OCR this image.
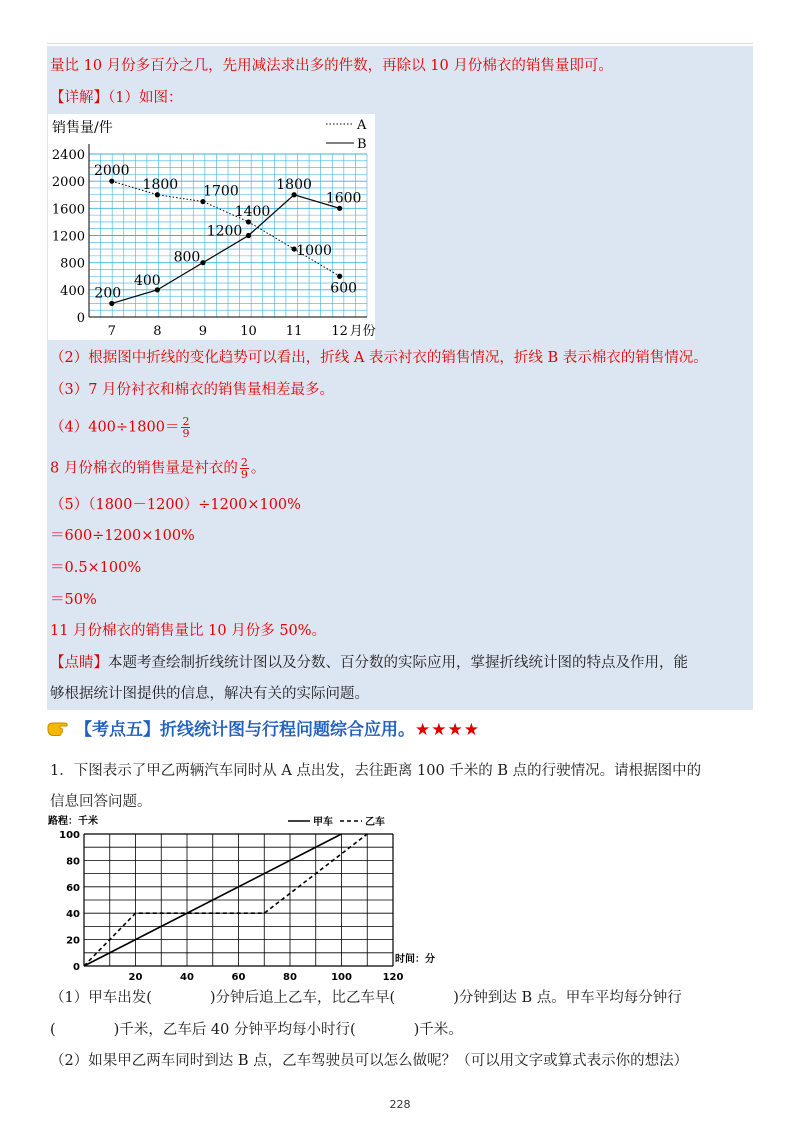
量比 10 月份多百分之几，先用减法求出多的件数，再除以 10 月份棉衣的销售量即可。
【详解】（1）如图：
销售量/件
0
400
800
1200
1600
2000
2400
7	8	9	10 11 12 月份
A
B
2000
1800 1700
1400
1000
600
200
400
800
1200
1800
1600
（2）根据图中折线的变化趋势可以看出，折线 A 表示衬衣的销售情况，折线 B 表示棉衣的销售情况。
（3）7 月份衬衣和棉衣的销售量相差最多。
$(4)400\div 1800= \frac{2}{9}$
8 月份棉衣的销售量是衬衣的 $\frac{2}{9}$ 。
（5）（1800－1200）÷1200×100%
＝600÷1200×100%
＝0.5×100%
＝50%
11 月份棉衣的销售量比 10 月份多 50%。
【点睛】本题考查绘制折线统计图以及分数、百分数的实际应用，掌握折线统计图的特点及作用，能
够根据统计图提供的信息，解决有关的实际问题。
【考点五】折线统计图与行程问题综合应用。★★★★
1．下图表示了甲乙两辆汽车同时从 A 点出发，去往距离 100 千米的 B 点的行驶情况。请根据图中的
信息回答问题。
路程：千米
0
20
40
60
80
100
20	40	60	80	100	120
时间：分
甲车	乙车
（1）甲车出发(　　　　)分钟后追上乙车，比乙车早(　　　　)分钟到达 B 点。甲车平均每分钟行
(　　　　)千米，乙车后 40 分钟平均每小时行(　　　　)千米。
（2）如果甲乙两车同时到达 B 点，乙车驾驶员可以怎么做呢？（可以用文字或算式表示你的想法）
228
